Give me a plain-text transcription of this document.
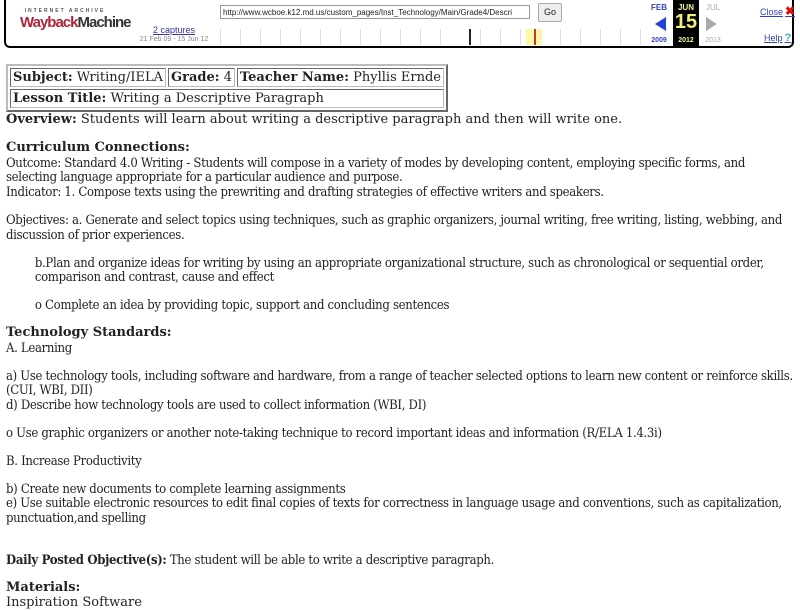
INTERNET ARCHIVE
WaybackMachine	2 captures
21 Feb 09 - 15 Jun 12
http://www.wcboe.k12.md.us/custom_pages/Inst_Technology/Main/Grade4/Descri
Go	FEB
2009
JUN
15
2012
JUL
2013
Close ✖
Help ?
Subject: Writing/IELA	Grade: 4	Teacher Name: Phyllis Ernde
Lesson Title: Writing a Descriptive Paragraph

Overview: Students will learn about writing a descriptive paragraph and then will write one.

Curriculum Connections:

Outcome: Standard 4.0 Writing - Students will compose in a variety of modes by developing content, employing specific forms, and selecting language appropriate for a particular audience and purpose.

Indicator: 1. Compose texts using the prewriting and drafting strategies of effective writers and speakers.

Objectives: a. Generate and select topics using techniques, such as graphic organizers, journal writing, free writing, listing, webbing, and discussion of prior experiences.

b.Plan and organize ideas for writing by using an appropriate organizational structure, such as chronological or sequential order, comparison and contrast, cause and effect

o Complete an idea by providing topic, support and concluding sentences

Technology Standards:

A. Learning

a) Use technology tools, including software and hardware, from a range of teacher selected options to learn new content or reinforce skills. (CUI, WBI, DII)

d) Describe how technology tools are used to collect information (WBI, DI)

o Use graphic organizers or another note-taking technique to record important ideas and information (R/ELA 1.4.3i)

B. Increase Productivity

b) Create new documents to complete learning assignments

e) Use suitable electronic resources to edit final copies of texts for correctness in language usage and conventions, such as capitalization, punctuation,and spelling

Daily Posted Objective(s): The student will be able to write a descriptive paragraph.

Materials:

Inspiration Software
